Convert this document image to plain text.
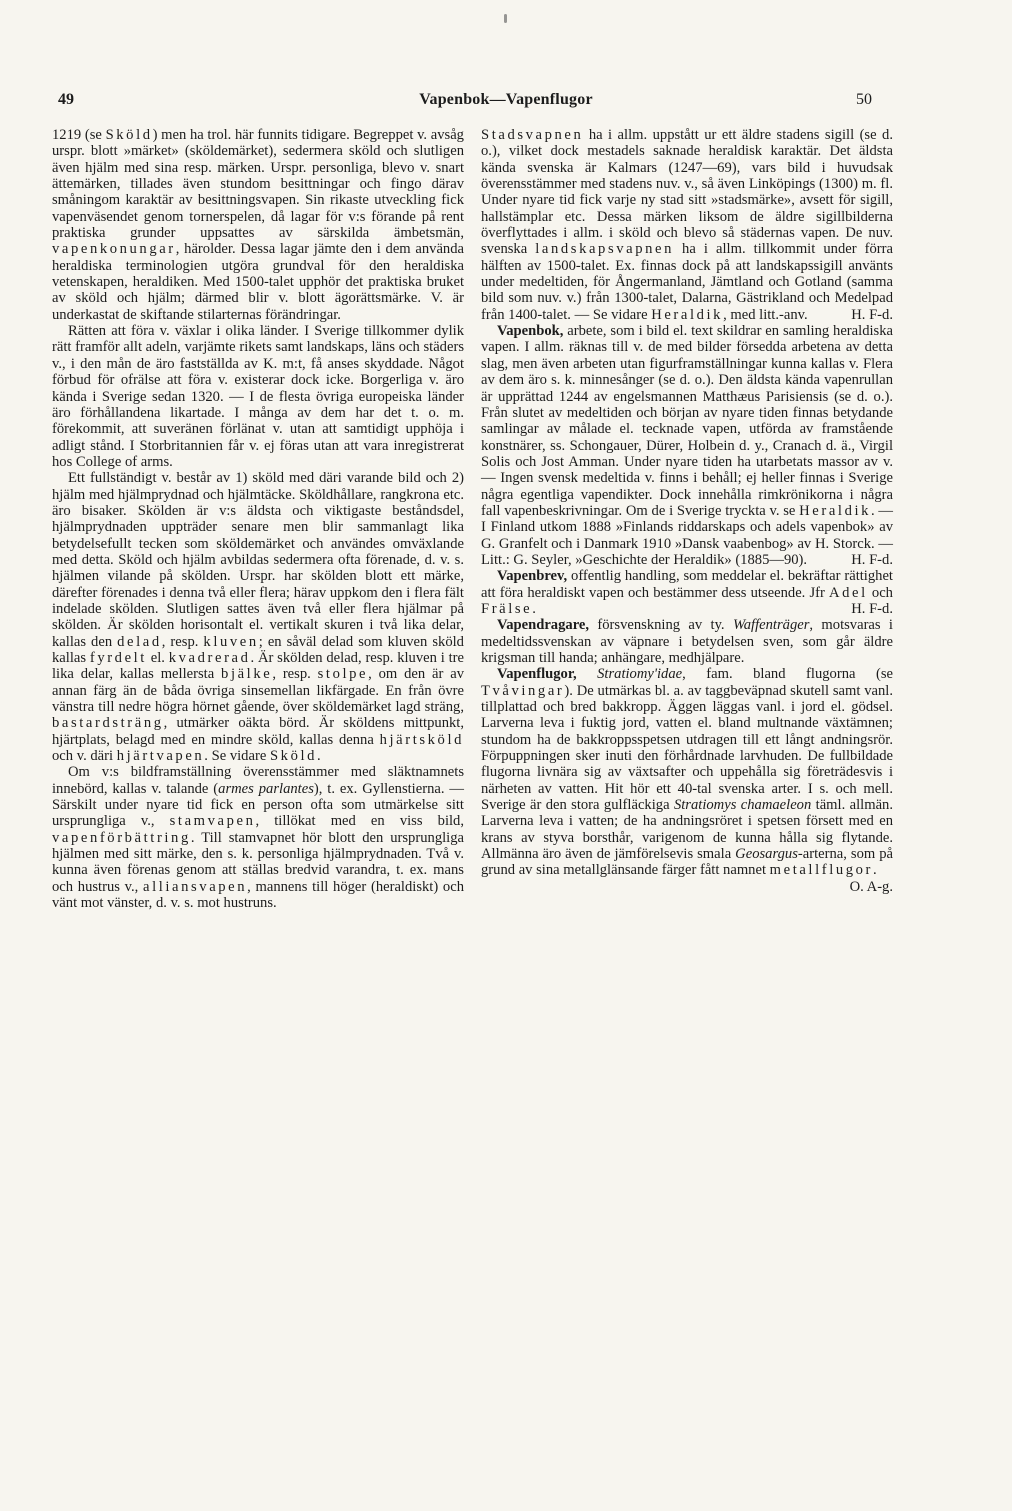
49	Vapenbok—Vapenflugor	50

1219 (se Sköld) men ha trol. här funnits tidigare. Begreppet v. avsåg urspr. blott »märket» (sköldemärket), sedermera sköld och slutligen även hjälm med sina resp. märken. Urspr. personliga, blevo v. snart ättemärken, tillades även stundom besittningar och fingo därav småningom karaktär av besittningsvapen. Sin rikaste utveckling fick vapenväsendet genom tornerspelen, då lagar för v:s förande på rent praktiska grunder uppsattes av särskilda ämbetsmän, vapenkonungar, härolder. Dessa lagar jämte den i dem använda heraldiska terminologien utgöra grundval för den heraldiska vetenskapen, heraldiken. Med 1500-talet upphör det praktiska bruket av sköld och hjälm; därmed blir v. blott ägorättsmärke. V. är underkastat de skiftande stilarternas förändringar.

Rätten att föra v. växlar i olika länder. I Sverige tillkommer dylik rätt framför allt adeln, varjämte rikets samt landskaps, läns och städers v., i den mån de äro fastställda av K. m:t, få anses skyddade. Något förbud för ofrälse att föra v. existerar dock icke. Borgerliga v. äro kända i Sverige sedan 1320. — I de flesta övriga europeiska länder äro förhållandena likartade. I många av dem har det t. o. m. förekommit, att suveränen förlänat v. utan att samtidigt upphöja i adligt stånd. I Storbritannien får v. ej föras utan att vara inregistrerat hos College of arms.

Ett fullständigt v. består av 1) sköld med däri varande bild och 2) hjälm med hjälmprydnad och hjälmtäcke. Sköldhållare, rangkrona etc. äro bisaker. Skölden är v:s äldsta och viktigaste beståndsdel, hjälmprydnaden uppträder senare men blir sammanlagt lika betydelsefullt tecken som sköldemärket och användes omväxlande med detta. Sköld och hjälm avbildas sedermera ofta förenade, d. v. s. hjälmen vilande på skölden. Urspr. har skölden blott ett märke, därefter förenades i denna två eller flera; härav uppkom den i flera fält indelade skölden. Slutligen sattes även två eller flera hjälmar på skölden. Är skölden horisontalt el. vertikalt skuren i två lika delar, kallas den delad, resp. kluven; en såväl delad som kluven sköld kallas fyrdelt el. kvadrerad. Är skölden delad, resp. kluven i tre lika delar, kallas mellersta bjälke, resp. stolpe, om den är av annan färg än de båda övriga sinsemellan likfärgade. En från övre vänstra till nedre högra hörnet gående, över sköldemärket lagd sträng, bastardsträng, utmärker oäkta börd. Är sköldens mittpunkt, hjärtplats, belagd med en mindre sköld, kallas denna hjärtsköld och v. däri hjärtvapen. Se vidare Sköld.

Om v:s bildframställning överensstämmer med släktnamnets innebörd, kallas v. talande (armes parlantes), t. ex. Gyllenstierna. — Särskilt under nyare tid fick en person ofta som utmärkelse sitt ursprungliga v., stamvapen, tillökat med en viss bild, vapenförbättring. Till stamvapnet hör blott den ursprungliga hjälmen med sitt märke, den s. k. personliga hjälmprydnaden. Två v. kunna även förenas genom att ställas bredvid varandra, t. ex. mans och hustrus v., alliansvapen, mannens till höger (heraldiskt) och vänt mot vänster, d. v. s. mot hustruns.

Stadsvapnen ha i allm. uppstått ur ett äldre stadens sigill (se d. o.), vilket dock mestadels saknade heraldisk karaktär. Det äldsta kända svenska är Kalmars (1247—69), vars bild i huvudsak överensstämmer med stadens nuv. v., så även Linköpings (1300) m. fl. Under nyare tid fick varje ny stad sitt »stadsmärke», avsett för sigill, hallstämplar etc. Dessa märken liksom de äldre sigillbilderna överflyttades i allm. i sköld och blevo så städernas vapen. De nuv. svenska landskapsvapnen ha i allm. tillkommit under förra hälften av 1500-talet. Ex. finnas dock på att landskapssigill använts under medeltiden, för Ångermanland, Jämtland och Gotland (samma bild som nuv. v.) från 1300-talet, Dalarna, Gästrikland och Medelpad från 1400-talet. — Se vidare Heraldik, med litt.-anv.	H. F-d.

Vapenbok, arbete, som i bild el. text skildrar en samling heraldiska vapen. I allm. räknas till v. de med bilder försedda arbetena av detta slag, men även arbeten utan figurframställningar kunna kallas v. Flera av dem äro s. k. minnesånger (se d. o.). Den äldsta kända vapenrullan är upprättad 1244 av engelsmannen Matthæus Parisiensis (se d. o.). Från slutet av medeltiden och början av nyare tiden finnas betydande samlingar av målade el. tecknade vapen, utförda av framstående konstnärer, ss. Schongauer, Dürer, Holbein d. y., Cranach d. ä., Virgil Solis och Jost Amman. Under nyare tiden ha utarbetats massor av v. — Ingen svensk medeltida v. finns i behåll; ej heller finnas i Sverige några egentliga vapendikter. Dock innehålla rimkrönikorna i några fall vapenbeskrivningar. Om de i Sverige tryckta v. se Heraldik. — I Finland utkom 1888 »Finlands riddarskaps och adels vapenbok» av G. Granfelt och i Danmark 1910 »Dansk vaabenbog» av H. Storck. — Litt.: G. Seyler, »Geschichte der Heraldik» (1885—90).	H. F-d.

Vapenbrev, offentlig handling, som meddelar el. bekräftar rättighet att föra heraldiskt vapen och bestämmer dess utseende. Jfr Adel och Frälse.	H. F-d.

Vapendragare, försvenskning av ty. Waffenträger, motsvaras i medeltidssvenskan av väpnare i betydelsen sven, som går äldre krigsman till handa; anhängare, medhjälpare.

Vapenflugor, Stratiomy'idae, fam. bland flugorna (se Tvåvingar). De utmärkas bl. a. av taggbeväpnad skutell samt vanl. tillplattad och bred bakkropp. Äggen läggas vanl. i jord el. gödsel. Larverna leva i fuktig jord, vatten el. bland multnande växtämnen; stundom ha de bakkroppsspetsen utdragen till ett långt andningsrör. Förpuppningen sker inuti den förhårdnade larvhuden. De fullbildade flugorna livnära sig av växtsafter och uppehålla sig företrädesvis i närheten av vatten. Hit hör ett 40-tal svenska arter. I s. och mell. Sverige är den stora gulfläckiga Stratiomys chamaeleon täml. allmän. Larverna leva i vatten; de ha andningsröret i spetsen försett med en krans av styva borsthår, varigenom de kunna hålla sig flytande. Allmänna äro även de jämförelsevis smala Geosargus-arterna, som på grund av sina metallglänsande färger fått namnet metallflugor.
O. A-g.
